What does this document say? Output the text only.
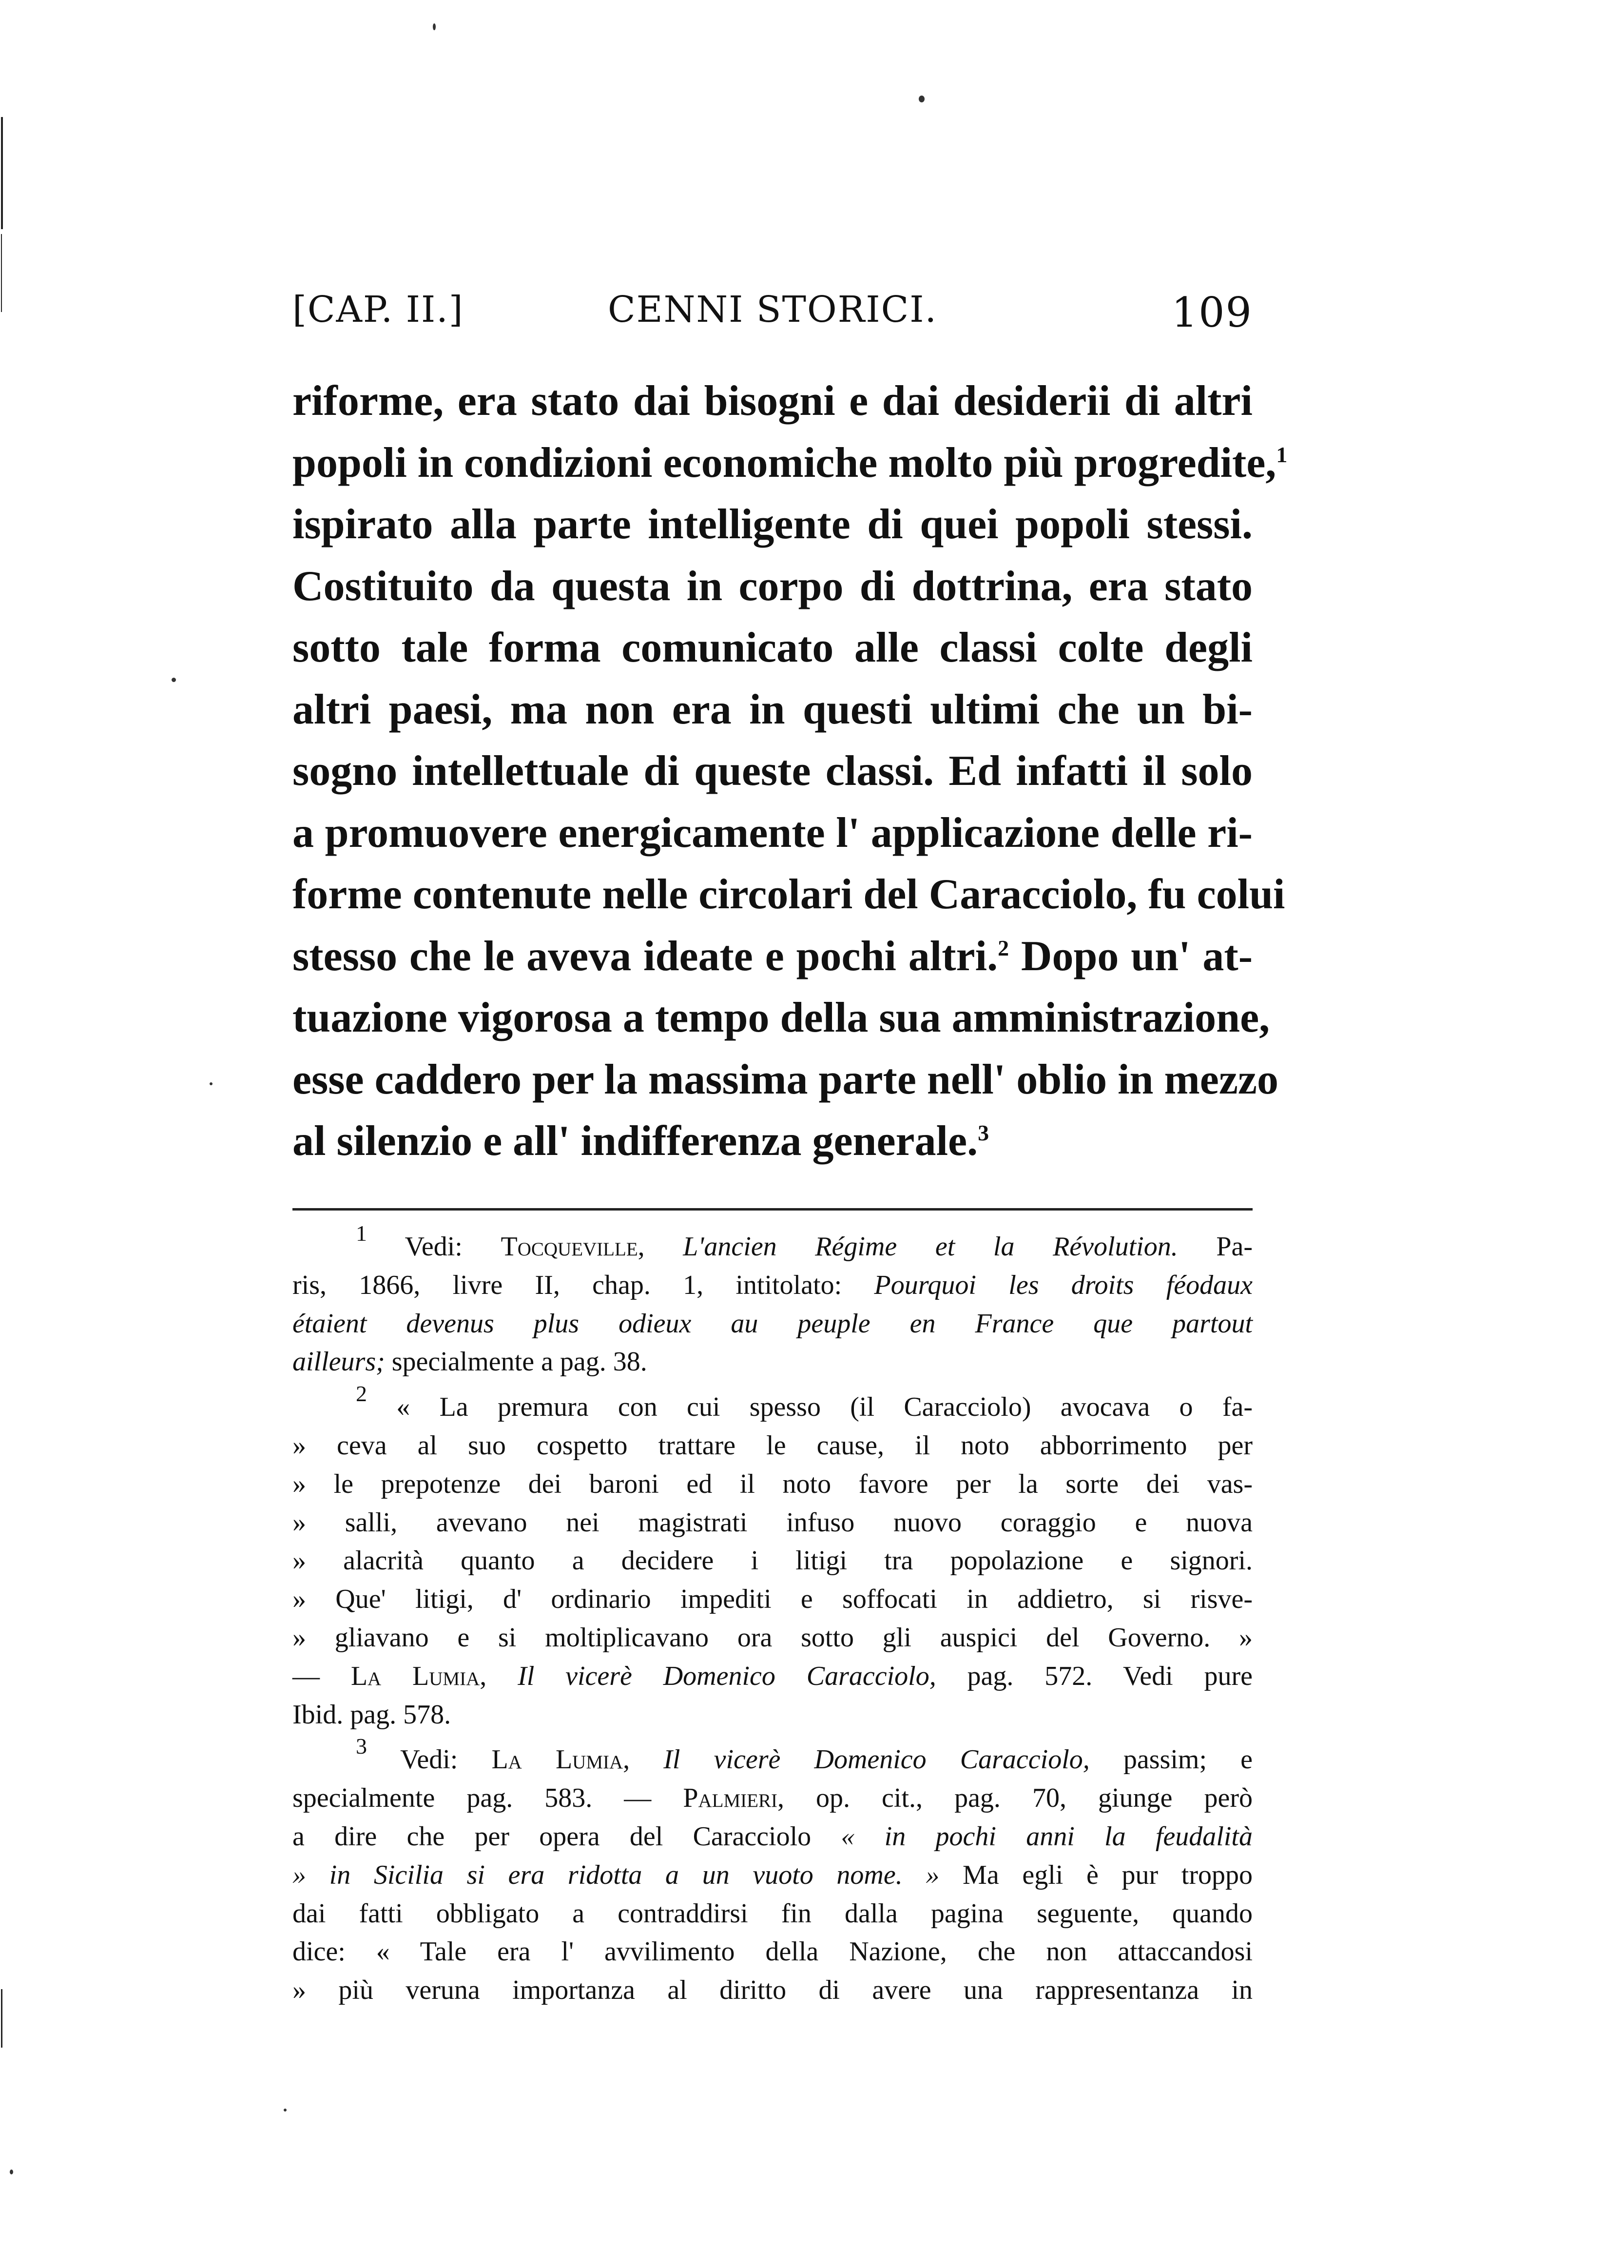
[CAP. II.]	CENNI STORICI.	109
riforme, era stato dai bisogni e dai desiderii di altri
popoli in condizioni economiche molto più progredite,$^1$
ispirato alla parte intelligente di quei popoli stessi.
Costituito da questa in corpo di dottrina, era stato
sotto tale forma comunicato alle classi colte degli
altri paesi, ma non era in questi ultimi che un bi-
sogno intellettuale di queste classi. Ed infatti il solo
a promuovere energicamente l' applicazione delle ri-
forme contenute nelle circolari del Caracciolo, fu colui
stesso che le aveva ideate e pochi altri.$^2$ Dopo un' at-
tuazione vigorosa a tempo della sua amministrazione,
esse caddero per la massima parte nell' oblio in mezzo
al silenzio e all' indifferenza generale.$^3$
$^1$ Vedi: Tocqueville, L'ancien Régime et la Révolution. Pa-
ris, 1866, livre II, chap. 1, intitolato: Pourquoi les droits féodaux
étaient devenus plus odieux au peuple en France que partout
ailleurs; specialmente a pag. 38.
$^2$ « La premura con cui spesso (il Caracciolo) avocava o fa-
» ceva al suo cospetto trattare le cause, il noto abborrimento per
» le prepotenze dei baroni ed il noto favore per la sorte dei vas-
» salli, avevano nei magistrati infuso nuovo coraggio e nuova
» alacrità quanto a decidere i litigi tra popolazione e signori.
» Que' litigi, d' ordinario impediti e soffocati in addietro, si risve-
» gliavano e si moltiplicavano ora sotto gli auspici del Governo. »
— La Lumia, Il vicerè Domenico Caracciolo, pag. 572. Vedi pure
Ibid. pag. 578.
$^3$ Vedi: La Lumia, Il vicerè Domenico Caracciolo, passim; e
specialmente pag. 583. — Palmieri, op. cit., pag. 70, giunge però
a dire che per opera del Caracciolo « in pochi anni la feudalità
» in Sicilia si era ridotta a un vuoto nome. » Ma egli è pur troppo
dai fatti obbligato a contraddirsi fin dalla pagina seguente, quando
dice: « Tale era l' avvilimento della Nazione, che non attaccandosi
» più veruna importanza al diritto di avere una rappresentanza in
